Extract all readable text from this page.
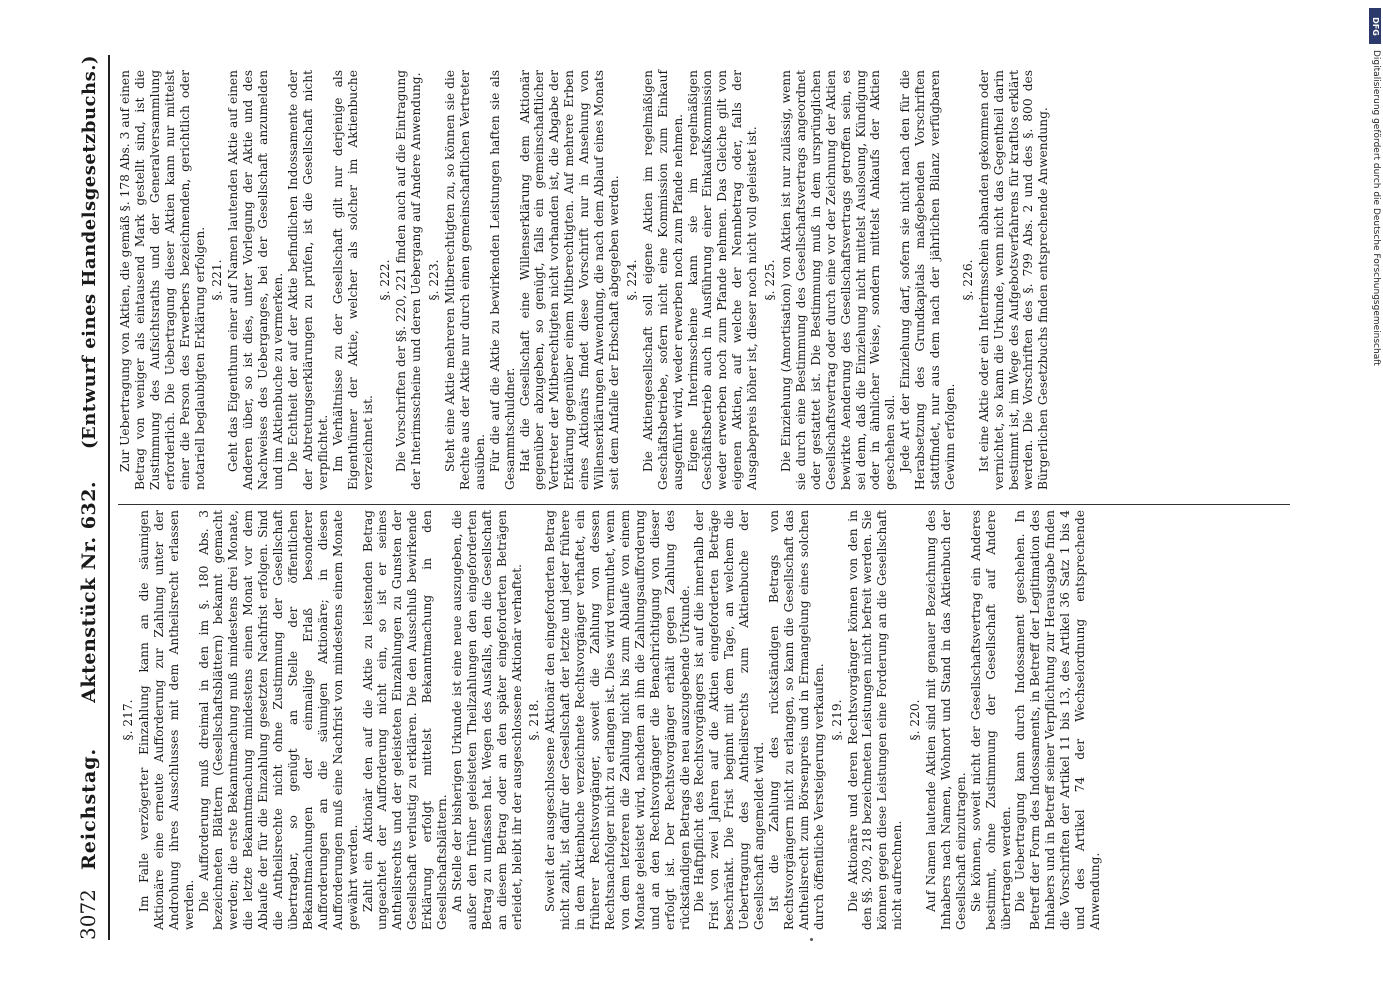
3072
Reichstag.
Aktenstück Nr. 632.
(Entwurf eines Handelsgesetzbuchs.)
§. 217. Im Falle verzögerter Einzahlung kann an die säumigen Aktionäre eine erneute Aufforderung zur Zahlung unter der Androhung ihres Ausschlusses mit dem Antheilsrecht erlassen werden. Die Aufforderung muß dreimal in den im §. 180 Abs. 3 bezeichneten Blättern (Gesellschaftsblättern) bekannt gemacht werden; die erste Bekanntmachung muß mindestens drei Monate, die letzte Bekanntmachung mindestens einen Monat vor dem Ablaufe der für die Einzahlung gesetzten Nachfrist erfolgen. Sind die Antheilsrechte nicht ohne Zustimmung der Gesellschaft übertragbar, so genügt an Stelle der öffentlichen Bekanntmachungen der einmalige Erlaß besonderer Aufforderungen an die säumigen Aktionäre; in diesen Aufforderungen muß eine Nachfrist von mindestens einem Monate gewährt werden. Zahlt ein Aktionär den auf die Aktie zu leistenden Betrag ungeachtet der Aufforderung nicht ein, so ist er seines Antheilsrechts und der geleisteten Einzahlungen zu Gunsten der Gesellschaft verlustig zu erklären. Die den Ausschluß bewirkende Erklärung erfolgt mittelst Bekanntmachung in den Gesellschaftsblättern. An Stelle der bisherigen Urkunde ist eine neue auszugeben, die außer den früher geleisteten Theilzahlungen den eingeforderten Betrag zu umfassen hat. Wegen des Ausfalls, den die Gesellschaft an diesem Betrag oder an den später eingeforderten Beträgen erleidet, bleibt ihr der ausgeschlossene Aktionär verhaftet. §. 218. Soweit der ausgeschlossene Aktionär den eingeforderten Betrag nicht zahlt, ist dafür der Gesellschaft der letzte und jeder frühere in dem Aktienbuche verzeichnete Rechtsvorgänger verhaftet, ein früherer Rechtsvorgänger, soweit die Zahlung von dessen Rechtsnachfolger nicht zu erlangen ist. Dies wird vermuthet, wenn von dem letzteren die Zahlung nicht bis zum Ablaufe von einem Monate geleistet wird, nachdem an ihn die Zahlungsaufforderung und an den Rechtsvorgänger die Benachrichtigung von dieser erfolgt ist. Der Rechtsvorgänger erhält gegen Zahlung des rückständigen Betrags die neu auszugebende Urkunde. Die Haftpflicht des Rechtsvorgängers ist auf die innerhalb der Frist von zwei Jahren auf die Aktien eingeforderten Beträge beschränkt. Die Frist beginnt mit dem Tage, an welchem die Uebertragung des Antheilsrechts zum Aktienbuche der Gesellschaft angemeldet wird. Ist die Zahlung des rückständigen Betrags von Rechtsvorgängern nicht zu erlangen, so kann die Gesellschaft das Antheilsrecht zum Börsenpreis und in Ermangelung eines solchen durch öffentliche Versteigerung verkaufen. §. 219. Die Aktionäre und deren Rechtsvorgänger können von den in den §§. 209, 218 bezeichneten Leistungen nicht befreit werden. Sie können gegen diese Leistungen eine Forderung an die Gesellschaft nicht aufrechnen.

§. 220. Auf Namen lautende Aktien sind mit genauer Bezeichnung des Inhabers nach Namen, Wohnort und Stand in das Aktienbuch der Gesellschaft einzutragen. Sie können, soweit nicht der Gesellschaftsvertrag ein Anderes bestimmt, ohne Zustimmung der Gesellschaft auf Andere übertragen werden. Die Uebertragung kann durch Indossament geschehen. In Betreff der Form des Indossaments, in Betreff der Legitimation des Inhabers und in Betreff seiner Verpflichtung zur Herausgabe finden die Vorschriften der Artikel 11 bis 13, des Artikel 36 Satz 1 bis 4 und des Artikel 74 der Wechselordnung entsprechende Anwendung.

Zur Uebertragung von Aktien, die gemäß §. 178 Abs. 3 auf einen Betrag von weniger als eintausend Mark gestellt sind, ist die Zustimmung des Aufsichtsraths und der Generalversammlung erforderlich. Die Uebertragung dieser Aktien kann nur mittelst einer die Person des Erwerbers bezeichnenden, gerichtlich oder notariell beglaubigten Erklärung erfolgen. §. 221. Geht das Eigenthum einer auf Namen lautenden Aktie auf einen Anderen über, so ist dies, unter Vorlegung der Aktie und des Nachweises des Ueberganges, bei der Gesellschaft anzumelden und im Aktienbuche zu vermerken. Die Echtheit der auf der Aktie befindlichen Indossamente oder der Abtretungserklärungen zu prüfen, ist die Gesellschaft nicht verpflichtet. Im Verhältnisse zu der Gesellschaft gilt nur derjenige als Eigenthümer der Aktie, welcher als solcher im Aktienbuche verzeichnet ist.

§. 222. Die Vorschriften der §§. 220, 221 finden auch auf die Eintragung der Interimsscheine und deren Uebergang auf Andere Anwendung. §. 223. Steht eine Aktie mehreren Mitberechtigten zu, so können sie die Rechte aus der Aktie nur durch einen gemeinschaftlichen Vertreter ausüben. Für die auf die Aktie zu bewirkenden Leistungen haften sie als Gesammtschuldner. Hat die Gesellschaft eine Willenserklärung dem Aktionär gegenüber abzugeben, so genügt, falls ein gemeinschaftlicher Vertreter der Mitberechtigten nicht vorhanden ist, die Abgabe der Erklärung gegenüber einem Mitberechtigten. Auf mehrere Erben eines Aktionärs findet diese Vorschrift nur in Ansehung von Willenserklärungen Anwendung, die nach dem Ablauf eines Monats seit dem Anfalle der Erbschaft abgegeben werden. §. 224. Die Aktiengesellschaft soll eigene Aktien im regelmäßigen Geschäftsbetriebe, sofern nicht eine Kommission zum Einkauf ausgeführt wird, weder erwerben noch zum Pfande nehmen. Eigene Interimsscheine kann sie im regelmäßigen Geschäftsbetrieb auch in Ausführung einer Einkaufskommission weder erwerben noch zum Pfande nehmen. Das Gleiche gilt von eigenen Aktien, auf welche der Nennbetrag oder, falls der Ausgabepreis höher ist, dieser noch nicht voll geleistet ist. §. 225. Die Einziehung (Amortisation) von Aktien ist nur zulässig, wenn sie durch eine Bestimmung des Gesellschaftsvertrags angeordnet oder gestattet ist. Die Bestimmung muß in dem ursprünglichen Gesellschaftsvertrag oder durch eine vor der Zeichnung der Aktien bewirkte Aenderung des Gesellschaftsvertrags getroffen sein, es sei denn, daß die Einziehung nicht mittelst Auslosung, Kündigung oder in ähnlicher Weise, sondern mittelst Ankaufs der Aktien geschehen soll. Jede Art der Einziehung darf, sofern sie nicht nach den für die Herabsetzung des Grundkapitals maßgebenden Vorschriften stattfindet, nur aus dem nach der jährlichen Bilanz verfügbaren Gewinn erfolgen.

§. 226. Ist eine Aktie oder ein Interimsschein abhanden gekommen oder vernichtet, so kann die Urkunde, wenn nicht das Gegentheil darin bestimmt ist, im Wege des Aufgebotsverfahrens für kraftlos erklärt werden. Die Vorschriften des §. 799 Abs. 2 und des §. 800 des Bürgerlichen Gesetzbuchs finden entsprechende Anwendung.

DFG
Digitalisierung gefördert durch die Deutsche Forschungsgemeinschaft
